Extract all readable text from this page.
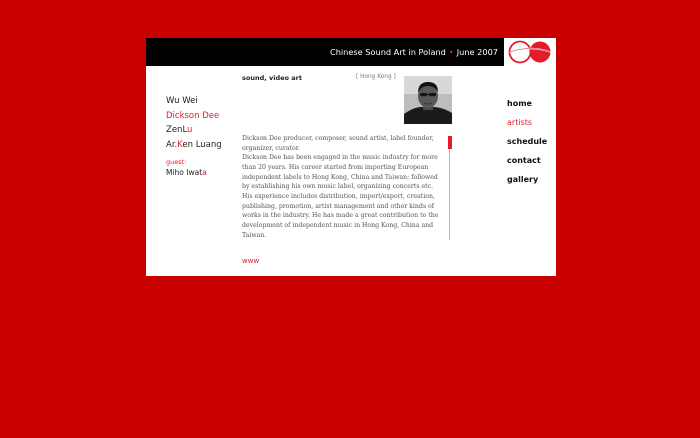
Chinese Sound Art in Poland • June 2007
Wu Wei
Dickson Dee
ZenLu
Ar.Ken Luang
guest:
Miho Iwata
sound, video art	[ Hong Kong ]

Dickson Dee producer, composer, sound artist, label founder,
organizer, curator.
Dickson Dee has been engaged in the music industry for more
than 20 years. His career started from importing European
independent labels to Hong Kong, China and Taiwan; followed
by establishing his own music label, organizing concerts etc.
His experience includes distribution, import/export, creation,
publishing, promotion, artist management and other kinds of
works in the industry. He has made a great contribution to the
development of independent music in Hong Kong, China and
Taiwan.

www
home
artists
schedule
contact
gallery
